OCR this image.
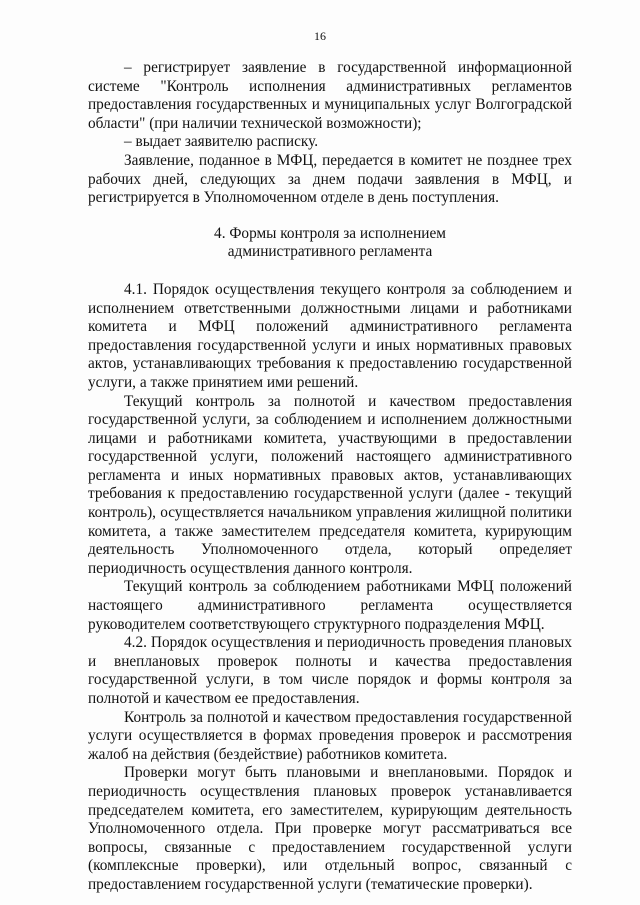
16

– регистрирует заявление в государственной информационной системе "Контроль исполнения административных регламентов предоставления государственных и муниципальных услуг Волгоградской области" (при наличии технической возможности);

– выдает заявителю расписку.

Заявление, поданное в МФЦ, передается в комитет не позднее трех рабочих дней, следующих за днем подачи заявления в МФЦ, и регистрируется в Уполномоченном отделе в день поступления.

4. Формы контроля за исполнением
административного регламента

4.1. Порядок осуществления текущего контроля за соблюдением и исполнением ответственными должностными лицами и работниками комитета и МФЦ положений административного регламента предоставления государственной услуги и иных нормативных правовых актов, устанавливающих требования к предоставлению государственной услуги, а также принятием ими решений.

Текущий контроль за полнотой и качеством предоставления государственной услуги, за соблюдением и исполнением должностными лицами и работниками комитета, участвующими в предоставлении государственной услуги, положений настоящего административного регламента и иных нормативных правовых актов, устанавливающих требования к предоставлению государственной услуги (далее - текущий контроль), осуществляется начальником управления жилищной политики комитета, а также заместителем председателя комитета, курирующим деятельность Уполномоченного отдела, который определяет периодичность осуществления данного контроля.

Текущий контроль за соблюдением работниками МФЦ положений настоящего административного регламента осуществляется руководителем соответствующего структурного подразделения МФЦ.

4.2. Порядок осуществления и периодичность проведения плановых и внеплановых проверок полноты и качества предоставления государственной услуги, в том числе порядок и формы контроля за полнотой и качеством ее предоставления.

Контроль за полнотой и качеством предоставления государственной услуги осуществляется в формах проведения проверок и рассмотрения жалоб на действия (бездействие) работников комитета.

Проверки могут быть плановыми и внеплановыми. Порядок и периодичность осуществления плановых проверок устанавливается председателем комитета, его заместителем, курирующим деятельность Уполномоченного отдела. При проверке могут рассматриваться все вопросы, связанные с предоставлением государственной услуги (комплексные проверки), или отдельный вопрос, связанный с предоставлением государственной услуги (тематические проверки).
